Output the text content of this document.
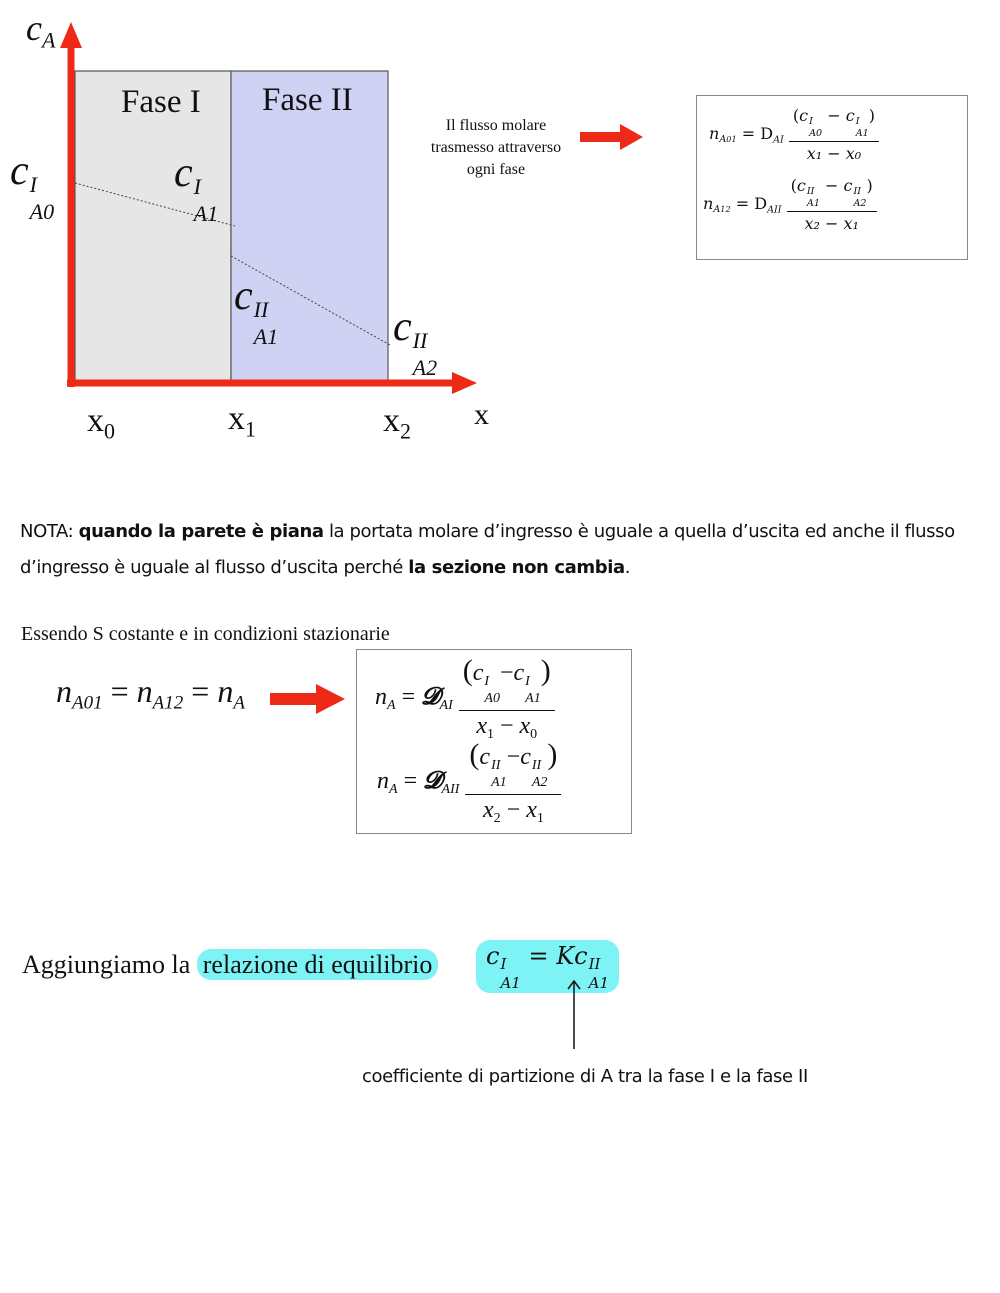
Fase I Fase II
$c_A$
x
$x_0$	$x_1$	$x_2$
c I
A0
c I
A1
c II
A1	c II
A2
Il flusso molare
trasmesso attraverso
ogni fase
$n_{A01} = D_{AI}$ (c I
A0
− c I
A1
)
x₁ − x₀
$n_{A12} = D_{AII}$ (c II
A1
− c II
A2
)
x₂ − x₁
NOTA: quando la parete è piana la portata molare d’ingresso è uguale a quella d’uscita ed anche il flusso
d’ingresso è uguale al flusso d’uscita perché la sezione non cambia.
Essendo S costante e in condizioni stazionarie
$n_{A01} = n_{A12} = n_A$	$n_A$ = 𝓓$_{AI}$ (c I
A0
−c I
A1
)
$x_1 - x_0$
$n_A$ = 𝓓$_{AII}$ (c II
A1
−c II
A2
)
$x_2 - x_1$
Aggiungiamo la relazione di equilibrio	c I
A1
= Kc II
A1
coefficiente di partizione di A tra la fase I e la fase II
